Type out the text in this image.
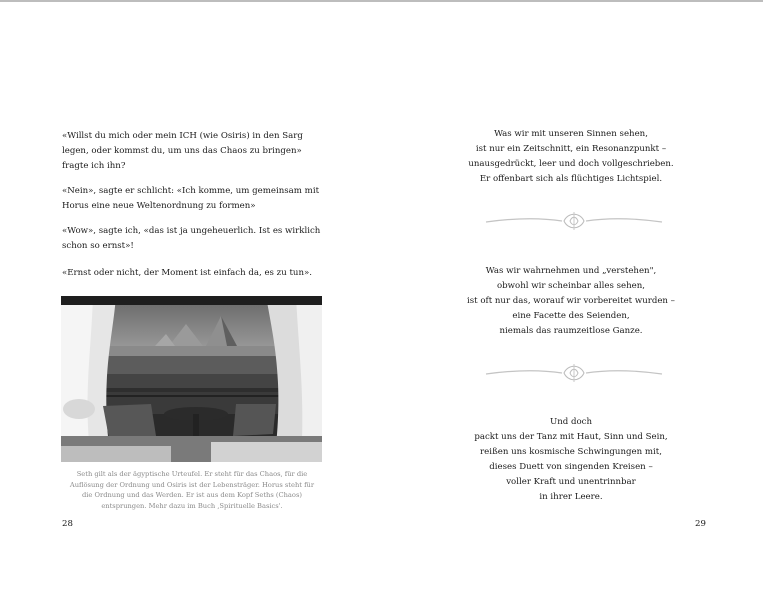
«Willst du mich oder mein ICH (wie Osiris) in den Sarg legen, oder kommst du, um uns das Chaos zu bringen» fragte ich ihn?

«Nein», sagte er schlicht: «Ich komme, um gemeinsam mit Horus eine neue Weltenordnung zu formen»

«Wow», sagte ich, «das ist ja ungeheuerlich. Ist es wirklich schon so ernst»!

«Ernst oder nicht, der Moment ist einfach da, es zu tun».

Seth gilt als der ägyptische Urteufel. Er steht für das Chaos, für die Auflösung der Ordnung und Osiris ist der Lebensträger. Horus steht für die Ordnung und das Werden. Er ist aus dem Kopf Seths (Chaos) entsprungen. Mehr dazu im Buch ‚Spirituelle Basics'.

28
Was wir mit unseren Sinnen sehen,
ist nur ein Zeitschnitt, ein Resonanzpunkt –
unausgedrückt, leer und doch vollgeschrieben.
Er offenbart sich als flüchtiges Lichtspiel.
Was wir wahrnehmen und „verstehen",
obwohl wir scheinbar alles sehen,
ist oft nur das, worauf wir vorbereitet wurden –
eine Facette des Seienden,
niemals das raumzeitlose Ganze.
Und doch
packt uns der Tanz mit Haut, Sinn und Sein,
reißen uns kosmische Schwingungen mit,
dieses Duett von singenden Kreisen –
voller Kraft und unentrinnbar
in ihrer Leere.
29
